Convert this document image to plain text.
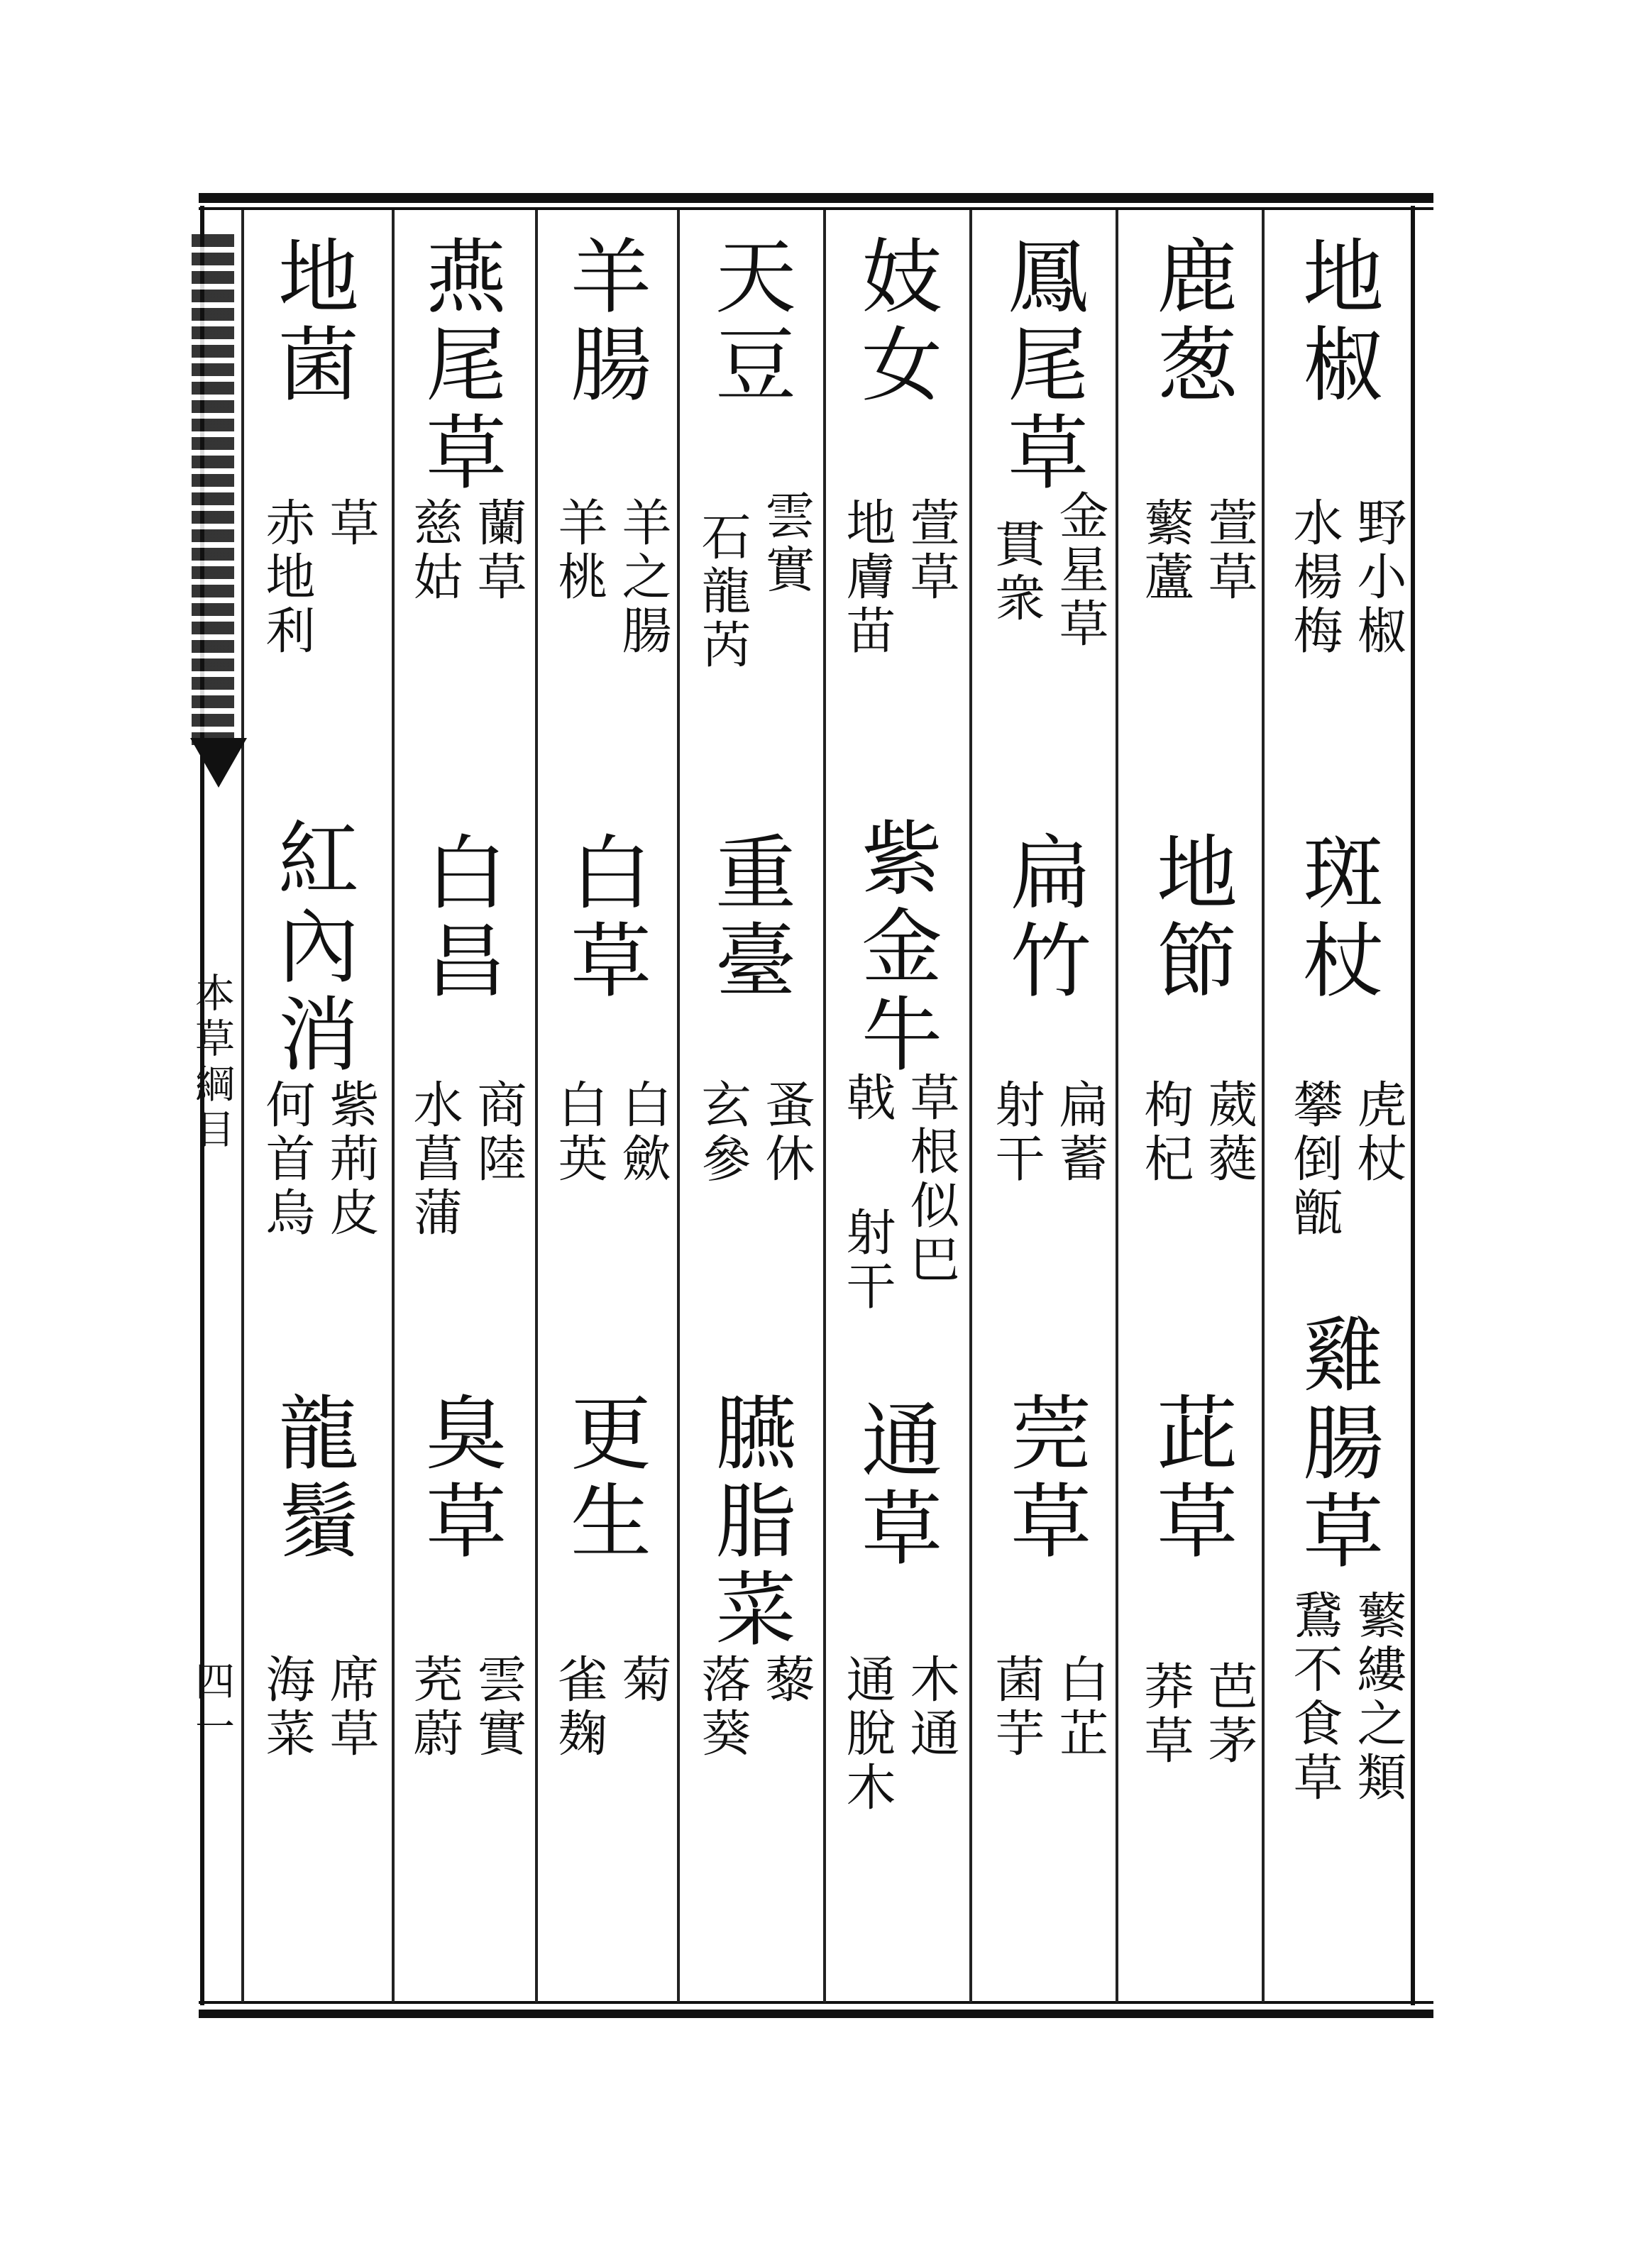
本草綱目
四一
地椒
野小椒
水楊梅
斑杖
虎杖
攀倒甑
雞腸草
蘩縷之類
鵞不食草
鹿葱
萱草
蘩蘆
地節
葳蕤
枸杞
茈草
芭茅
莽草
鳳尾草
金星草
貫衆
扁竹
扁蓄
射干
莞草
白芷
菌芋
妓女
萱草
地膚苗
紫金牛
草根似巴
戟
射干
通草
木通
通脫木
天豆
雲實
石龍芮
重臺
蚤休
玄參
臙脂菜
藜
落葵
羊腸
羊之腸
羊桃
白草
白歛
白英
更生
菊
雀麹
燕尾草
蘭草
慈姑
白昌
商陸
水菖蒲
臭草
雲實
茺蔚
地菌
草
赤地利
紅內消
紫荊皮
何首烏
龍鬚
席草
海菜
